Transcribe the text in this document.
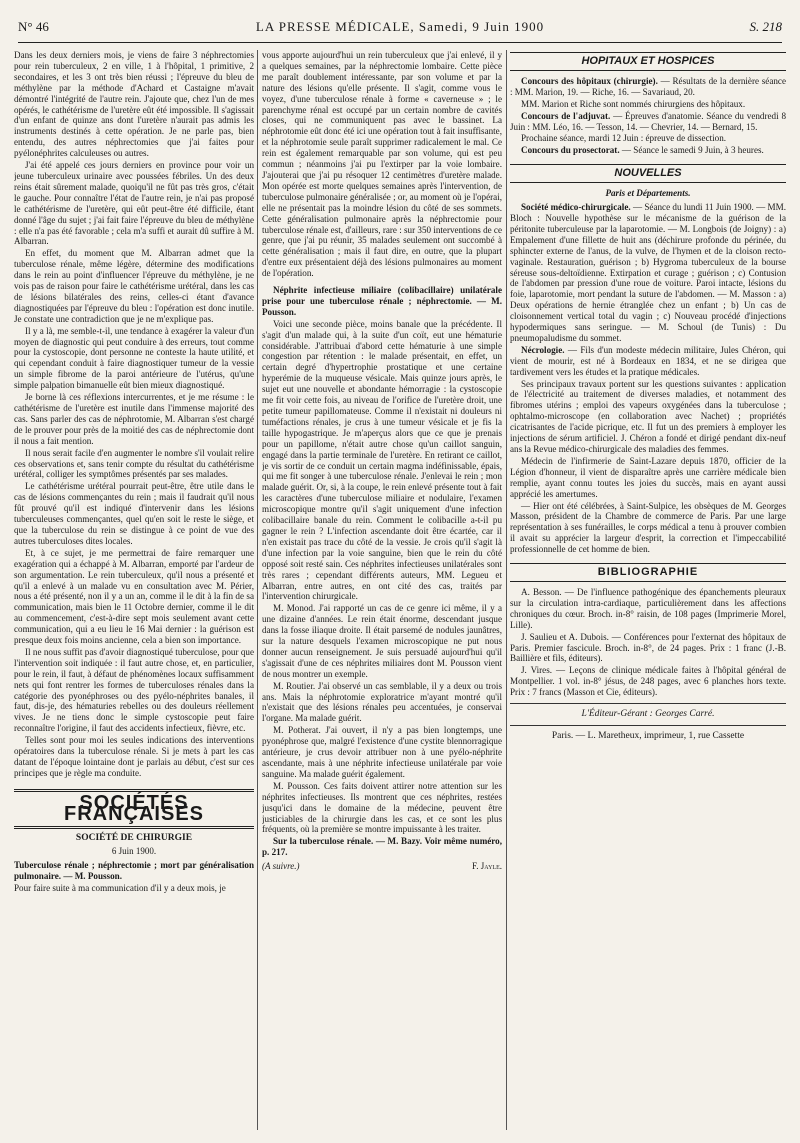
N° 46	LA PRESSE MÉDICALE, Samedi, 9 Juin 1900	S. 218

Dans les deux derniers mois, je viens de faire 3 néphrectomies pour rein tuberculeux, 2 en ville, 1 à l'hôpital, 1 primitive, 2 secondaires, et les 3 ont très bien réussi ; l'épreuve du bleu de méthylène par la méthode d'Achard et Castaigne m'avait démontré l'intégrité de l'autre rein. J'ajoute que, chez l'un de mes opérés, le cathétérisme de l'uretère eût été impossible. Il s'agissait d'un enfant de quinze ans dont l'uretère n'aurait pas admis les instruments destinés à cette opération. Je ne parle pas, bien entendu, des autres néphrectomies que j'ai faites pour pyélonéphrites calculeuses ou autres.

J'ai été appelé ces jours derniers en province pour voir un jeune tuberculeux urinaire avec poussées fébriles. Un des deux reins était sûrement malade, quoiqu'il ne fût pas très gros, c'était le gauche. Pour connaître l'état de l'autre rein, je n'ai pas proposé le cathétérisme de l'uretère, qui eût peut-être été difficile, étant donné l'âge du sujet ; j'ai fait faire l'épreuve du bleu de méthylène : elle n'a pas été favorable ; cela m'a suffi et aurait dû suffire à M. Albarran.

En effet, du moment que M. Albarran admet que la tuberculose rénale, même légère, détermine des modifications dans le rein au point d'influencer l'épreuve du méthylène, je ne vois pas de raison pour faire le cathétérisme urétéral, dans les cas de lésions bilatérales des reins, celles-ci étant d'avance diagnostiquées par l'épreuve du bleu : l'opération est donc inutile. Je constate une contradiction que je ne m'explique pas.

Il y a là, me semble-t-il, une tendance à exagérer la valeur d'un moyen de diagnostic qui peut conduire à des erreurs, tout comme pour la cystoscopie, dont personne ne conteste la haute utilité, et qui cependant conduit à faire diagnostiquer tumeur de la vessie un simple fibrome de la paroi antérieure de l'utérus, qu'une simple palpation bimanuelle eût bien mieux diagnostiqué.

Je borne là ces réflexions intercurrentes, et je me résume : le cathétérisme de l'uretère est inutile dans l'immense majorité des cas. Sans parler des cas de néphrotomie, M. Albarran s'est chargé de le prouver pour près de la moitié des cas de néphrectomie dont il nous a fait mention.

Il nous serait facile d'en augmenter le nombre s'il voulait relire ces observations et, sans tenir compte du résultat du cathétérisme urétéral, colliger les symptômes présentés par ses malades.

Le cathétérisme urétéral pourrait peut-être, être utile dans le cas de lésions commençantes du rein ; mais il faudrait qu'il nous fût prouvé qu'il est indiqué d'intervenir dans les lésions tuberculeuses commençantes, quel qu'en soit le reste le siège, et que la tuberculose du rein se distingue à ce point de vue des autres tuberculoses dites locales.

Et, à ce sujet, je me permettrai de faire remarquer une exagération qui a échappé à M. Albarran, emporté par l'ardeur de son argumentation. Le rein tuberculeux, qu'il nous a présenté et qu'il a enlevé à un malade vu en consultation avec M. Périer, nous a été présenté, non il y a un an, comme il le dit à la fin de sa communication, mais bien le 11 Octobre dernier, comme il le dit au commencement, c'est-à-dire sept mois seulement avant cette communication, qui a eu lieu le 16 Mai dernier : la guérison est presque deux fois moins ancienne, cela a bien son importance.

Il ne nous suffit pas d'avoir diagnostiqué tuberculose, pour que l'intervention soit indiquée : il faut autre chose, et, en particulier, pour le rein, il faut, à défaut de phénomènes locaux suffisamment nets qui font rentrer les formes de tuberculoses rénales dans la catégorie des pyonéphroses ou des pyélo-néphrites banales, il faut, dis-je, des hématuries rebelles ou des douleurs réellement vives. Je ne tiens donc le simple cystoscopie peut faire reconnaître l'origine, il faut des accidents infectieux, fièvre, etc.

Telles sont pour moi les seules indications des interventions opératoires dans la tuberculose rénale. Si je mets à part les cas datant de l'époque lointaine dont je parlais au début, c'est sur ces principes que je règle ma conduite.

SOCIÉTÉS FRANÇAISES
SOCIÉTÉ DE CHIRURGIE
6 Juin 1900.

Tuberculose rénale ; néphrectomie ; mort par généralisation pulmonaire. — M. Pousson.

Pour faire suite à ma communication d'il y a deux mois, je

vous apporte aujourd'hui un rein tuberculeux que j'ai enlevé, il y a quelques semaines, par la néphrectomie lombaire. Cette pièce me paraît doublement intéressante, par son volume et par la nature des lésions qu'elle présente. Il s'agit, comme vous le voyez, d'une tuberculose rénale à forme « caverneuse » ; le parenchyme rénal est occupé par un certain nombre de cavités closes, qui ne communiquent pas avec le bassinet. La néphrotomie eût donc été ici une opération tout à fait insuffisante, et la néphrotomie seule paraît supprimer radicalement le mal. Ce rein est également remarquable par son volume, qui est peu commun ; néanmoins j'ai pu l'extirper par la voie lombaire. J'ajouterai que j'ai pu résoquer 12 centimètres d'uretère malade. Mon opérée est morte quelques semaines après l'intervention, de tuberculose pulmonaire généralisée ; or, au moment où je l'opérai, elle ne présentait pas la moindre lésion du côté de ses sommets. Cette généralisation pulmonaire après la néphrectomie pour tuberculose rénale est, d'ailleurs, rare : sur 350 interventions de ce genre, que j'ai pu réunir, 35 malades seulement ont succombé à cette généralisation ; mais il faut dire, en outre, que la plupart d'entre eux présentaient déjà des lésions pulmonaires au moment de l'opération.

Néphrite infectieuse miliaire (colibacillaire) unilatérale prise pour une tuberculose rénale ; néphrectomie. — M. Pousson.

Voici une seconde pièce, moins banale que la précédente. Il s'agit d'un malade qui, à la suite d'un coït, eut une hématurie considérable. J'attribuai d'abord cette hématurie à une simple congestion par rétention : le malade présentait, en effet, un certain degré d'hypertrophie prostatique et une certaine hyperémie de la muqueuse vésicale. Mais quinze jours après, le sujet eut une nouvelle et abondante hémorragie : la cystoscopie me fit voir cette fois, au niveau de l'orifice de l'uretère droit, une petite tumeur papillomateuse. Comme il n'existait ni douleurs ni tuméfactions rénales, je crus à une tumeur vésicale et je fis la taille hypogastrique. Je m'aperçus alors que ce que je prenais pour un papillome, n'était autre chose qu'un caillot sanguin, engagé dans la partie terminale de l'uretère. En retirant ce caillot, je vis sortir de ce conduit un certain magma indéfinissable, épais, qui me fit songer à une tuberculose rénale. J'enlevai le rein ; mon malade guérit. Or, si, à la coupe, le rein enlevé présente tout à fait les caractères d'une tuberculose miliaire et nodulaire, l'examen microscopique montre qu'il s'agit uniquement d'une infection colibacillaire banale du rein. Comment le colibacille a-t-il pu gagner le rein ? L'infection ascendante doit être écartée, car il n'en existait pas trace du côté de la vessie. Je crois qu'il s'agit là d'une infection par la voie sanguine, bien que le rein du côté opposé soit resté sain. Ces néphrites infectieuses unilatérales sont très rares ; cependant différents auteurs, MM. Legueu et Albarran, entre autres, en ont cité des cas, traités par l'intervention chirurgicale.

M. Monod. J'ai rapporté un cas de ce genre ici même, il y a une dizaine d'années. Le rein était énorme, descendant jusque dans la fosse iliaque droite. Il était parsemé de nodules jaunâtres, sur la nature desquels l'examen microscopique ne put nous donner aucun renseignement. Je suis persuadé aujourd'hui qu'il s'agissait d'une de ces néphrites miliaires dont M. Pousson vient de nous montrer un exemple.

M. Routier. J'ai observé un cas semblable, il y a deux ou trois ans. Mais la néphrotomie exploratrice m'ayant montré qu'il n'existait que des lésions rénales peu accentuées, je conservai l'organe. Ma malade guérit.

M. Potherat. J'ai ouvert, il n'y a pas bien longtemps, une pyonéphrose que, malgré l'existence d'une cystite blennorragique antérieure, je crus devoir attribuer non à une pyélo-néphrite ascendante, mais à une néphrite infectieuse unilatérale par voie sanguine. Ma malade guérit également.

M. Pousson. Ces faits doivent attirer notre attention sur les néphrites infectieuses. Ils montrent que ces néphrites, restées jusqu'ici dans le domaine de la médecine, peuvent être justiciables de la chirurgie dans les cas, et ce sont les plus fréquents, où la première se montre impuissante à les traiter.

Sur la tuberculose rénale. — M. Bazy. Voir même numéro, p. 217.

(A suivre.)	F. Jayle.
HOPITAUX ET HOSPICES

Concours des hôpitaux (chirurgie). — Résultats de la dernière séance : MM. Marion, 19. — Riche, 16. — Savariaud, 20.

MM. Marion et Riche sont nommés chirurgiens des hôpitaux.

Concours de l'adjuvat. — Épreuves d'anatomie. Séance du vendredi 8 Juin : MM. Léo, 16. — Tesson, 14. — Chevrier, 14. — Bernard, 15.

Prochaine séance, mardi 12 Juin : épreuve de dissection.

Concours du prosectorat. — Séance le samedi 9 Juin, à 3 heures.

NOUVELLES
Paris et Départements.

Société médico-chirurgicale. — Séance du lundi 11 Juin 1900. — MM. Bloch : Nouvelle hypothèse sur le mécanisme de la guérison de la péritonite tuberculeuse par la laparotomie. — M. Longbois (de Joigny) : a) Empalement d'une fillette de huit ans (déchirure profonde du périnée, du sphincter externe de l'anus, de la vulve, de l'hymen et de la cloison recto-vaginale. Restauration, guérison ; b) Hygroma tuberculeux de la bourse séreuse sous-deltoïdienne. Extirpation et curage ; guérison ; c) Contusion de l'abdomen par pression d'une roue de voiture. Paroi intacte, lésions du foie, laparotomie, mort pendant la suture de l'abdomen. — M. Masson : a) Deux opérations de hernie étranglée chez un enfant ; b) Un cas de cloisonnement vertical total du vagin ; c) Nouveau procédé d'injections hypodermiques sans seringue. — M. Schoul (de Tunis) : Du pneumopaludisme du sommet.

Nécrologie. — Fils d'un modeste médecin militaire, Jules Chéron, qui vient de mourir, est né à Bordeaux en 1834, et ne se dirigea que tardivement vers les études et la pratique médicales.

Ses principaux travaux portent sur les questions suivantes : application de l'électricité au traitement de diverses maladies, et notamment des fibromes utérins ; emploi des vapeurs oxygénées dans la tuberculose ; ophtalmo-microscope (en collaboration avec Nachet) ; propriétés cicatrisantes de l'acide picrique, etc. Il fut un des premiers à employer les injections de sérum artificiel. J. Chéron a fondé et dirigé pendant dix-neuf ans la Revue médico-chirurgicale des maladies des femmes.

Médecin de l'infirmerie de Saint-Lazare depuis 1870, officier de la Légion d'honneur, il vient de disparaître après une carrière médicale bien remplie, ayant connu toutes les joies du succès, mais en ayant aussi apprécié les amertumes.

— Hier ont été célébrées, à Saint-Sulpice, les obsèques de M. Georges Masson, président de la Chambre de commerce de Paris. Par une large représentation à ses funérailles, le corps médical a tenu à prouver combien il avait su apprécier la largeur d'esprit, la correction et l'impeccabilité professionnelle de cet homme de bien.

BIBLIOGRAPHIE

A. Besson. — De l'influence pathogénique des épanchements pleuraux sur la circulation intra-cardiaque, particulièrement dans les affections chroniques du cœur. Broch. in-8° raisin, de 108 pages (Imprimerie Morel, Lille).

J. Saulieu et A. Dubois. — Conférences pour l'externat des hôpitaux de Paris. Premier fascicule. Broch. in-8°, de 24 pages. Prix : 1 franc (J.-B. Baillière et fils, éditeurs).

J. Vires. — Leçons de clinique médicale faites à l'hôpital général de Montpellier. 1 vol. in-8° jésus, de 248 pages, avec 6 planches hors texte. Prix : 7 francs (Masson et Cie, éditeurs).

L'Éditeur-Gérant : Georges Carré.
Paris. — L. Maretheux, imprimeur, 1, rue Cassette
